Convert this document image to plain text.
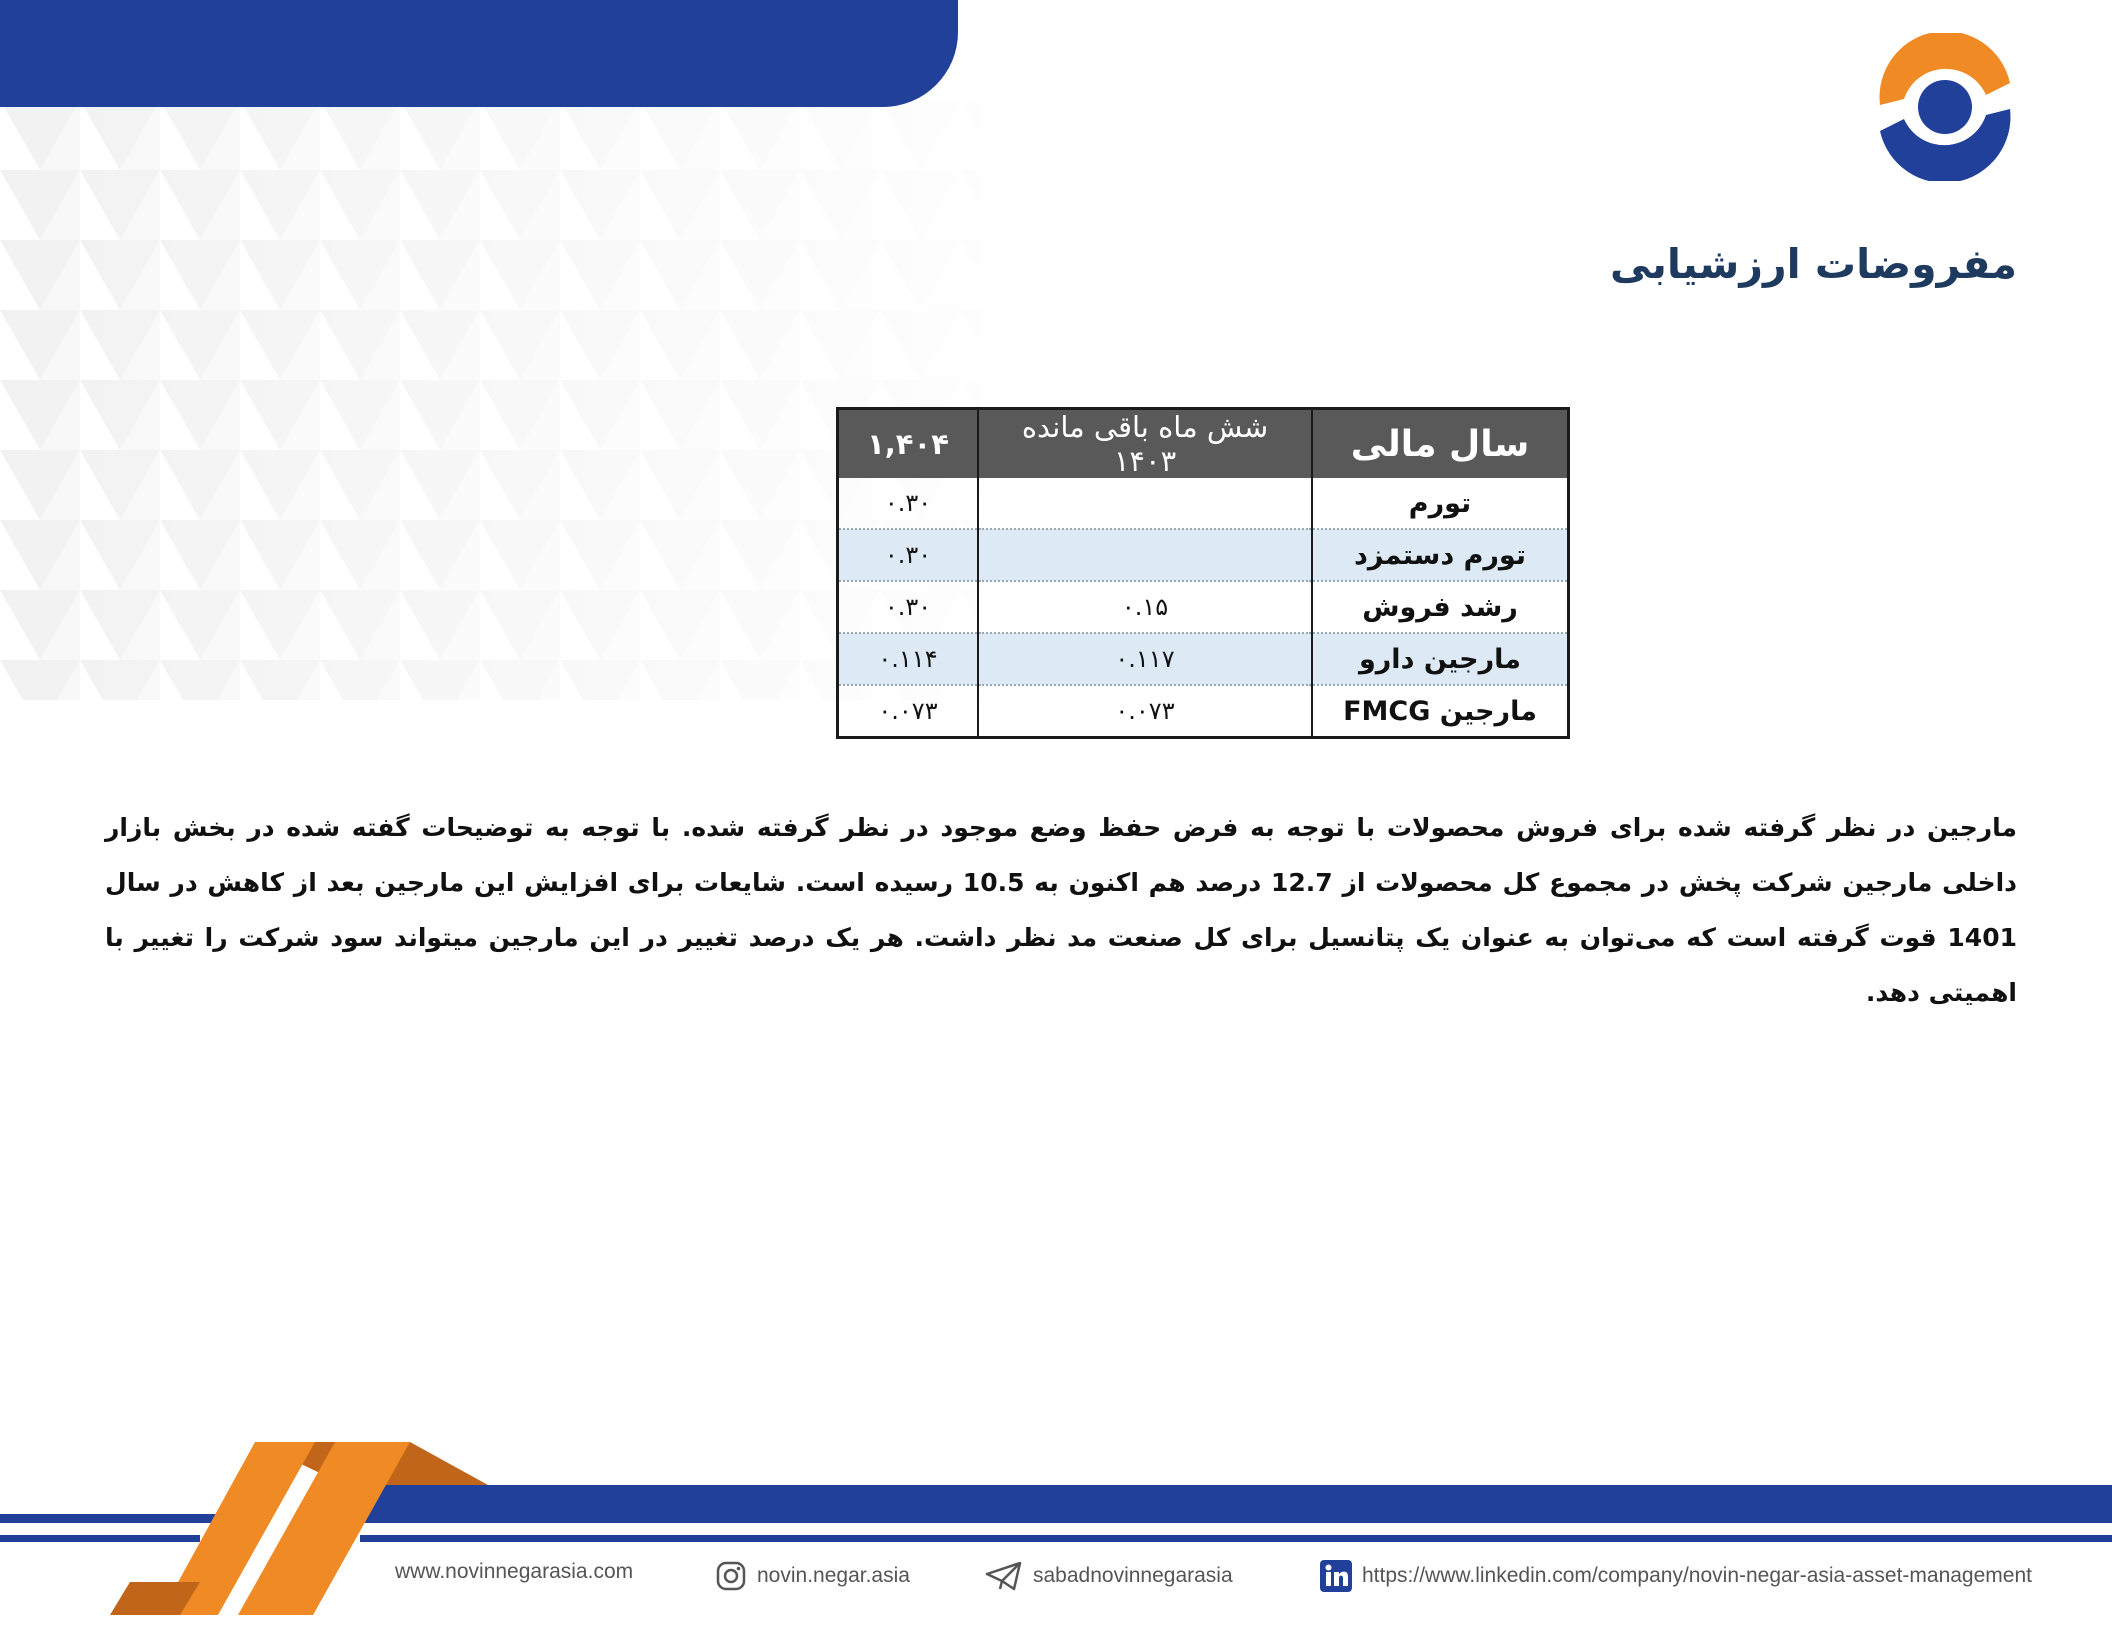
مفروضات ارزشیابی
سال مالی	شش ماه باقی مانده ۱۴۰۳	۱,۴۰۴
تورم		۰.۳۰
تورم دستمزد		۰.۳۰
رشد فروش	۰.۱۵	۰.۳۰
مارجین دارو	۰.۱۱۷	۰.۱۱۴
مارجین FMCG	۰.۰۷۳	۰.۰۷۳

مارجین در نظر گرفته شده برای فروش محصولات با توجه به فرض حفظ وضع موجود در نظر گرفته شده. با توجه به توضیحات گفته شده در بخش بازار داخلی مارجین شرکت پخش در مجموع کل محصولات از 12.7 درصد هم اکنون به 10.5 رسیده است. شایعات برای افزایش این مارجین بعد از کاهش در سال 1401 قوت گرفته است که می‌توان به عنوان یک پتانسیل برای کل صنعت مد نظر داشت. هر یک درصد تغییر در این مارجین میتواند سود شرکت را تغییر با اهمیتی دهد.

www.novinnegarasia.com	novin.negar.asia	sabadnovinnegarasia	https://www.linkedin.com/company/novin-negar-asia-asset-management
